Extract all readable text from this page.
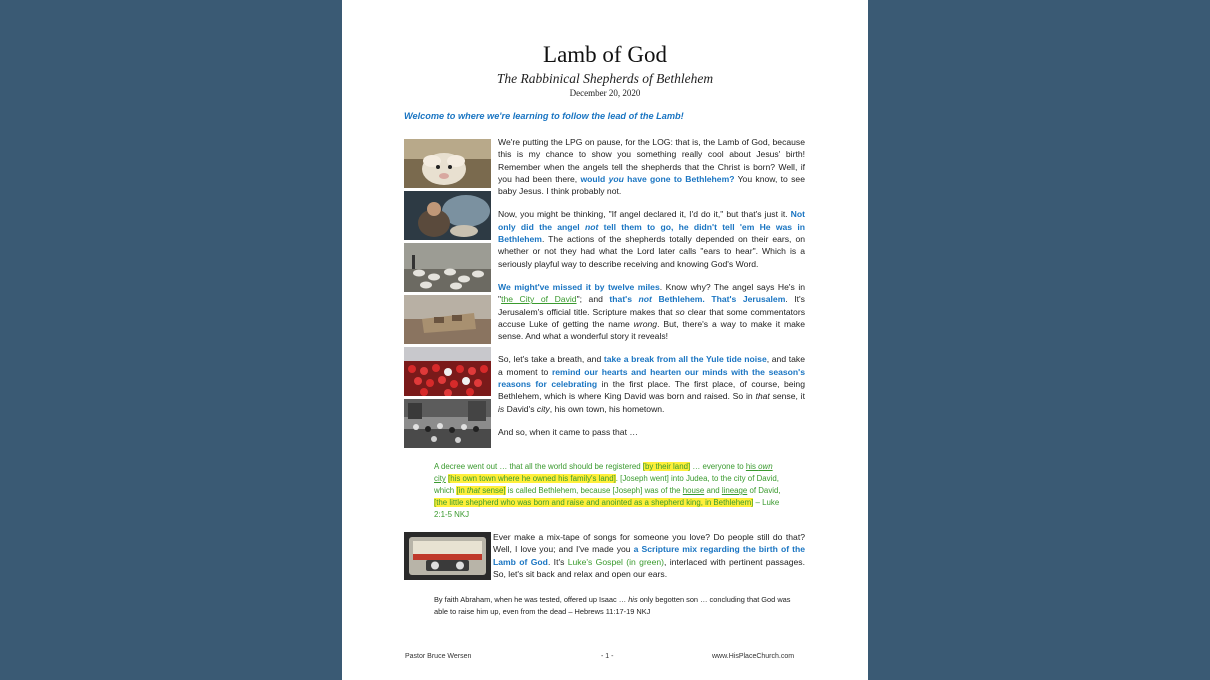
Lamb of God
The Rabbinical Shepherds of Bethlehem
December 20, 2020
Welcome to where we're learning to follow the lead of the Lamb!

We're putting the LPG on pause, for the LOG: that is, the Lamb of God, because this is my chance to show you something really cool about Jesus' birth! Remember when the angels tell the shepherds that the Christ is born? Well, if you had been there, would you have gone to Bethlehem? You know, to see baby Jesus. I think probably not.

Now, you might be thinking, "If angel declared it, I'd do it," but that's just it. Not only did the angel not tell them to go, he didn't tell 'em He was in Bethlehem. The actions of the shepherds totally depended on their ears, on whether or not they had what the Lord later calls "ears to hear". Which is a seriously playful way to describe receiving and knowing God's Word.

We might've missed it by twelve miles. Know why? The angel says He's in "the City of David"; and that's not Bethlehem. That's Jerusalem. It's Jerusalem's official title. Scripture makes that so clear that some commentators accuse Luke of getting the name wrong. But, there's a way to make it make sense. And what a wonderful story it reveals!

So, let's take a breath, and take a break from all the Yule tide noise, and take a moment to remind our hearts and hearten our minds with the season's reasons for celebrating in the first place. The first place, of course, being Bethlehem, which is where King David was born and raised. So in that sense, it is David's city, his own town, his hometown.

And so, when it came to pass that …

A decree went out … that all the world should be registered [by their land] … everyone to his own city [his own town where he owned his family's land]. [Joseph went] into Judea, to the city of David, which [in that sense] is called Bethlehem, because [Joseph] was of the house and lineage of David, [the little shepherd who was born and raise and anointed as a shepherd king, in Bethlehem] – Luke 2:1-5 NKJ

Ever make a mix-tape of songs for someone you love? Do people still do that? Well, I love you; and I've made you a Scripture mix regarding the birth of the Lamb of God. It's Luke's Gospel (in green), interlaced with pertinent passages. So, let's sit back and relax and open our ears.

By faith Abraham, when he was tested, offered up Isaac … his only begotten son … concluding that God was able to raise him up, even from the dead – Hebrews 11:17-19 NKJ
Pastor Bruce Wersen	- 1 -	www.HisPlaceChurch.com
